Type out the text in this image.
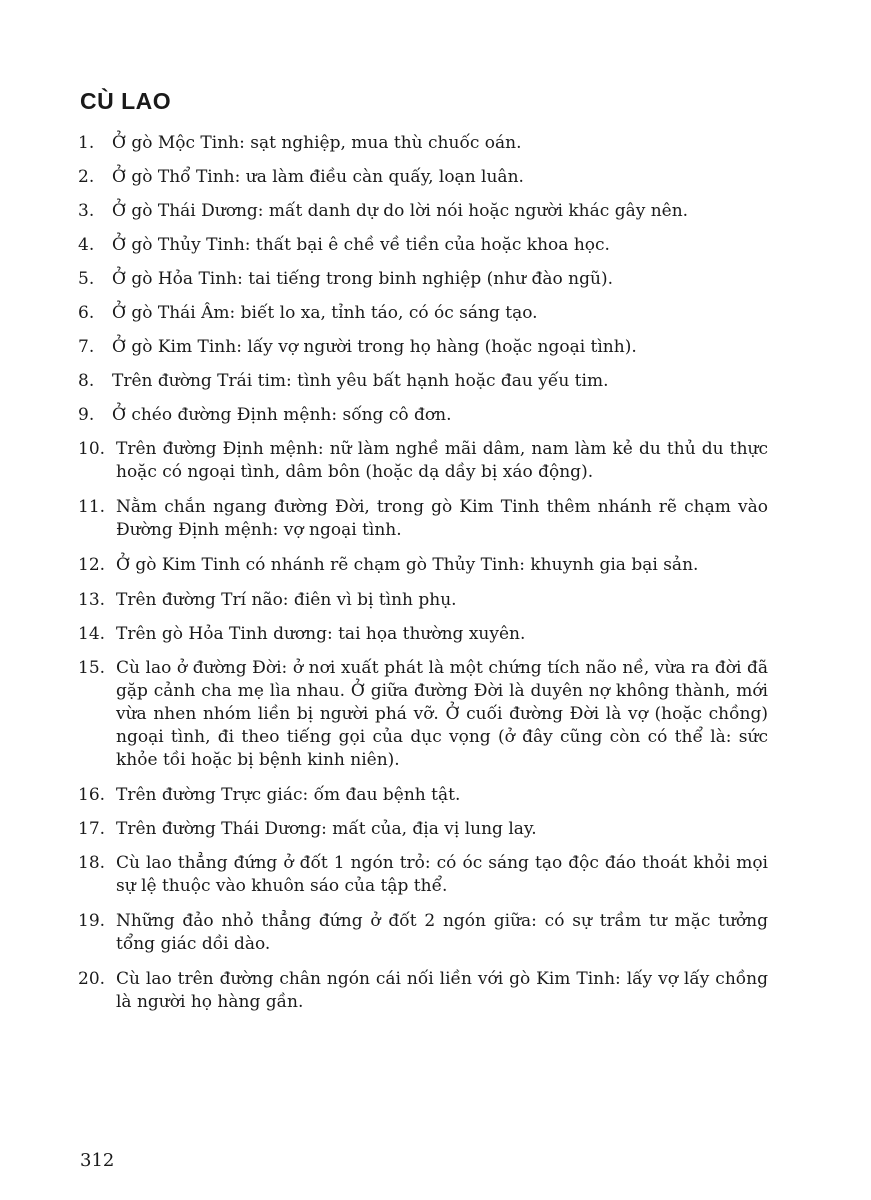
CÙ LAO
1.	Ở gò Mộc Tinh: sạt nghiệp, mua thù chuốc oán.
2.	Ở gò Thổ Tinh: ưa làm điều càn quấy, loạn luân.
3.	Ở gò Thái Dương: mất danh dự do lời nói hoặc người khác gây nên.
4.	Ở gò Thủy Tinh: thất bại ê chề về tiền của hoặc khoa học.
5.	Ở gò Hỏa Tinh: tai tiếng trong binh nghiệp (như đào ngũ).
6.	Ở gò Thái Âm: biết lo xa, tỉnh táo, có óc sáng tạo.
7.	Ở gò Kim Tinh: lấy vợ người trong họ hàng (hoặc ngoại tình).
8.	Trên đường Trái tim: tình yêu bất hạnh hoặc đau yếu tim.
9.	Ở chéo đường Định mệnh: sống cô đơn.
10. Trên đường Định mệnh: nữ làm nghề mãi dâm, nam làm kẻ du thủ du thực hoặc có ngoại tình, dâm bôn (hoặc dạ dầy bị xáo động).
11. Nằm chắn ngang đường Đời, trong gò Kim Tinh thêm nhánh rẽ chạm vào Đường Định mệnh: vợ ngoại tình.
12. Ở gò Kim Tinh có nhánh rẽ chạm gò Thủy Tinh: khuynh gia bại sản.
13. Trên đường Trí não: điên vì bị tình phụ.
14. Trên gò Hỏa Tinh dương: tai họa thường xuyên.
15. Cù lao ở đường Đời: ở nơi xuất phát là một chứng tích não nề, vừa ra đời đã gặp cảnh cha mẹ lìa nhau. Ở giữa đường Đời là duyên nợ không thành, mới vừa nhen nhóm liền bị người phá vỡ. Ở cuối đường Đời là vợ (hoặc chồng) ngoại tình, đi theo tiếng gọi của dục vọng (ở đây cũng còn có thể là: sức khỏe tồi hoặc bị bệnh kinh niên).
16. Trên đường Trực giác: ốm đau bệnh tật.
17. Trên đường Thái Dương: mất của, địa vị lung lay.
18. Cù lao thẳng đứng ở đốt 1 ngón trỏ: có óc sáng tạo độc đáo thoát khỏi mọi sự lệ thuộc vào khuôn sáo của tập thể.
19. Những đảo nhỏ thẳng đứng ở đốt 2 ngón giữa: có sự trầm tư mặc tưởng tổng giác dồi dào.
20. Cù lao trên đường chân ngón cái nối liền với gò Kim Tinh: lấy vợ lấy chồng là người họ hàng gần.

312
